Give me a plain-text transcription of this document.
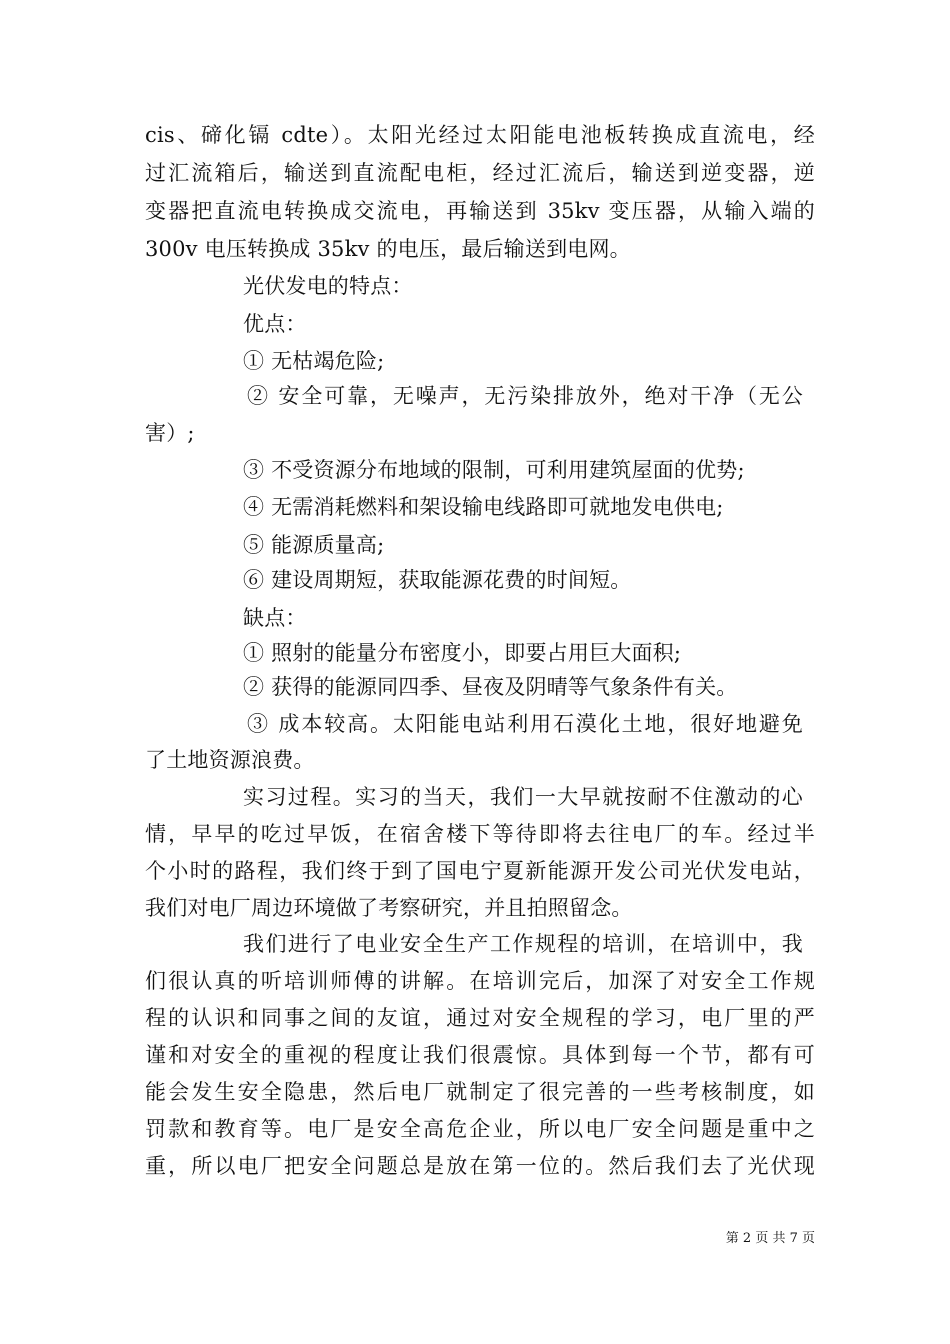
cis、碲化镉 cdte）。太阳光经过太阳能电池板转换成直流电，经
过汇流箱后，输送到直流配电柜，经过汇流后，输送到逆变器，逆
变器把直流电转换成交流电，再输送到 35kv 变压器，从输入端的
300v 电压转换成 35kv 的电压，最后输送到电网。
光伏发电的特点：
优点：
① 无枯竭危险;
② 安全可靠，无噪声，无污染排放外，绝对干净（无公
害）;
③ 不受资源分布地域的限制，可利用建筑屋面的优势;
④ 无需消耗燃料和架设输电线路即可就地发电供电;
⑤ 能源质量高;
⑥ 建设周期短，获取能源花费的时间短。
缺点：
① 照射的能量分布密度小，即要占用巨大面积;
② 获得的能源同四季、昼夜及阴晴等气象条件有关。
③ 成本较高。太阳能电站利用石漠化土地，很好地避免
了土地资源浪费。
实习过程。实习的当天，我们一大早就按耐不住激动的心
情，早早的吃过早饭，在宿舍楼下等待即将去往电厂的车。经过半
个小时的路程，我们终于到了国电宁夏新能源开发公司光伏发电站，
我们对电厂周边环境做了考察研究，并且拍照留念。
我们进行了电业安全生产工作规程的培训，在培训中，我
们很认真的听培训师傅的讲解。在培训完后，加深了对安全工作规
程的认识和同事之间的友谊，通过对安全规程的学习，电厂里的严
谨和对安全的重视的程度让我们很震惊。具体到每一个节，都有可
能会发生安全隐患，然后电厂就制定了很完善的一些考核制度，如
罚款和教育等。电厂是安全高危企业，所以电厂安全问题是重中之
重，所以电厂把安全问题总是放在第一位的。然后我们去了光伏现
第 2 页 共 7 页
